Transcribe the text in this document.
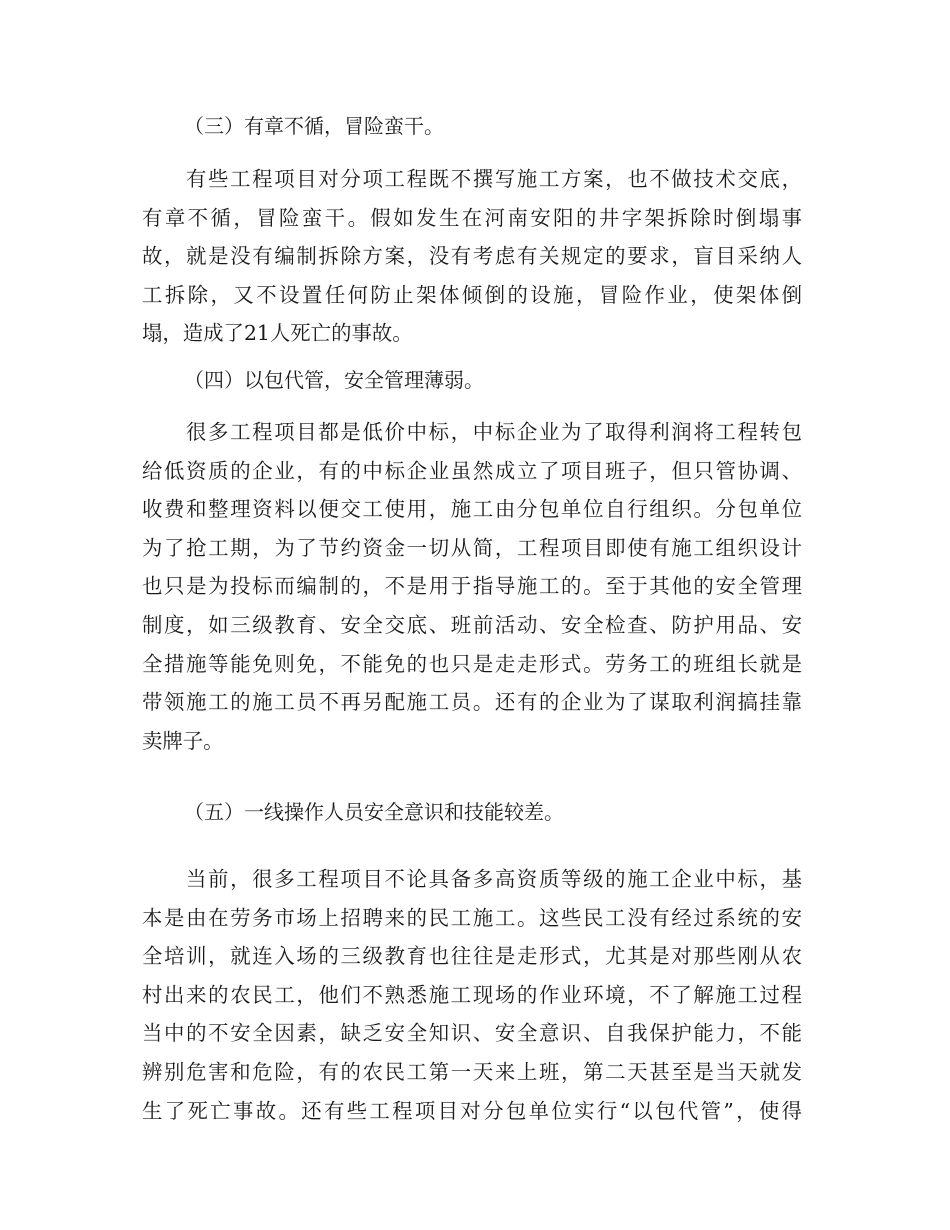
（三）有章不循，冒险蛮干。
有些工程项目对分项工程既不撰写施工方案，也不做技术交底，
有章不循，冒险蛮干。假如发生在河南安阳的井字架拆除时倒塌事
故，就是没有编制拆除方案，没有考虑有关规定的要求，盲目采纳人
工拆除，又不设置任何防止架体倾倒的设施，冒险作业，使架体倒
塌，造成了21人死亡的事故。
（四）以包代管，安全管理薄弱。
很多工程项目都是低价中标，中标企业为了取得利润将工程转包
给低资质的企业，有的中标企业虽然成立了项目班子，但只管协调、
收费和整理资料以便交工使用，施工由分包单位自行组织。分包单位
为了抢工期，为了节约资金一切从简，工程项目即使有施工组织设计
也只是为投标而编制的，不是用于指导施工的。至于其他的安全管理
制度，如三级教育、安全交底、班前活动、安全检查、防护用品、安
全措施等能免则免，不能免的也只是走走形式。劳务工的班组长就是
带领施工的施工员不再另配施工员。还有的企业为了谋取利润搞挂靠
卖牌子。
（五）一线操作人员安全意识和技能较差。
当前，很多工程项目不论具备多高资质等级的施工企业中标，基
本是由在劳务市场上招聘来的民工施工。这些民工没有经过系统的安
全培训，就连入场的三级教育也往往是走形式，尤其是对那些刚从农
村出来的农民工，他们不熟悉施工现场的作业环境，不了解施工过程
当中的不安全因素，缺乏安全知识、安全意识、自我保护能力，不能
辨别危害和危险，有的农民工第一天来上班，第二天甚至是当天就发
生了死亡事故。还有些工程项目对分包单位实行“以包代管”，使得
